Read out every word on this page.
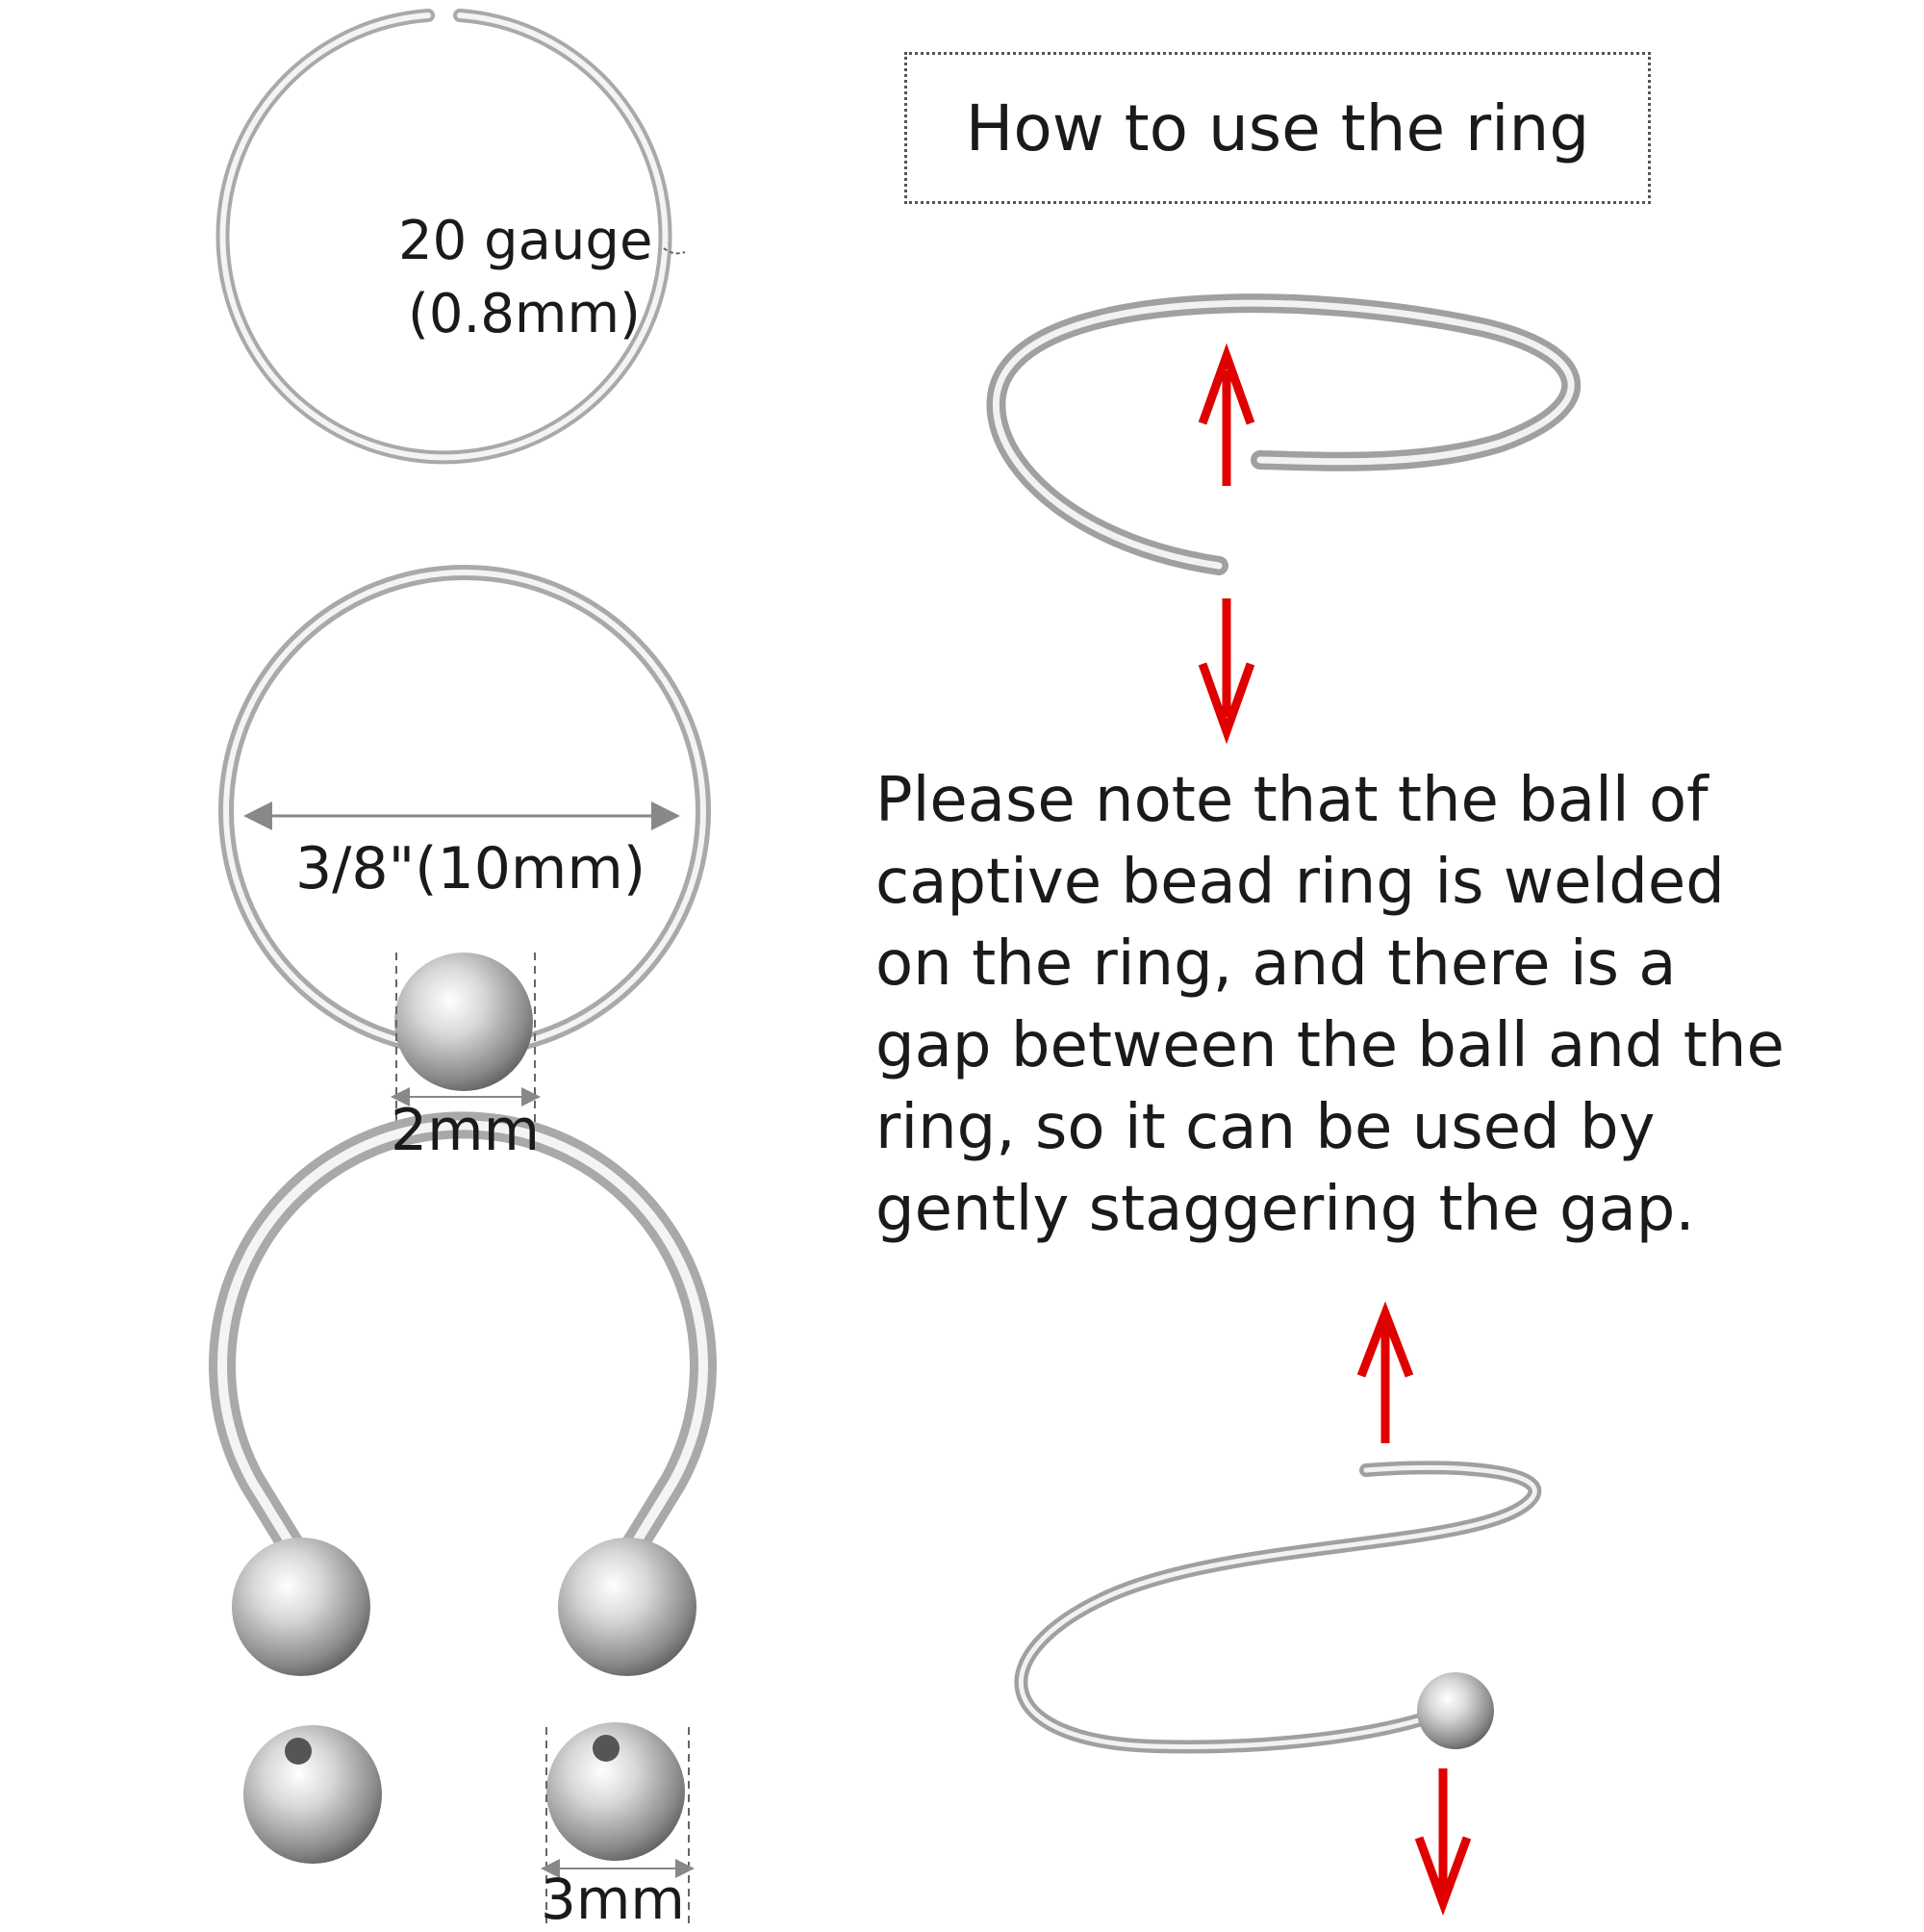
20 gauge
(0.8mm)
3/8"(10mm)
2mm
3mm
How to use the ring
Please note that the ball of
captive bead ring is welded
on the ring, and there is a
gap between the ball and the
ring, so it can be used by
gently staggering the gap.
